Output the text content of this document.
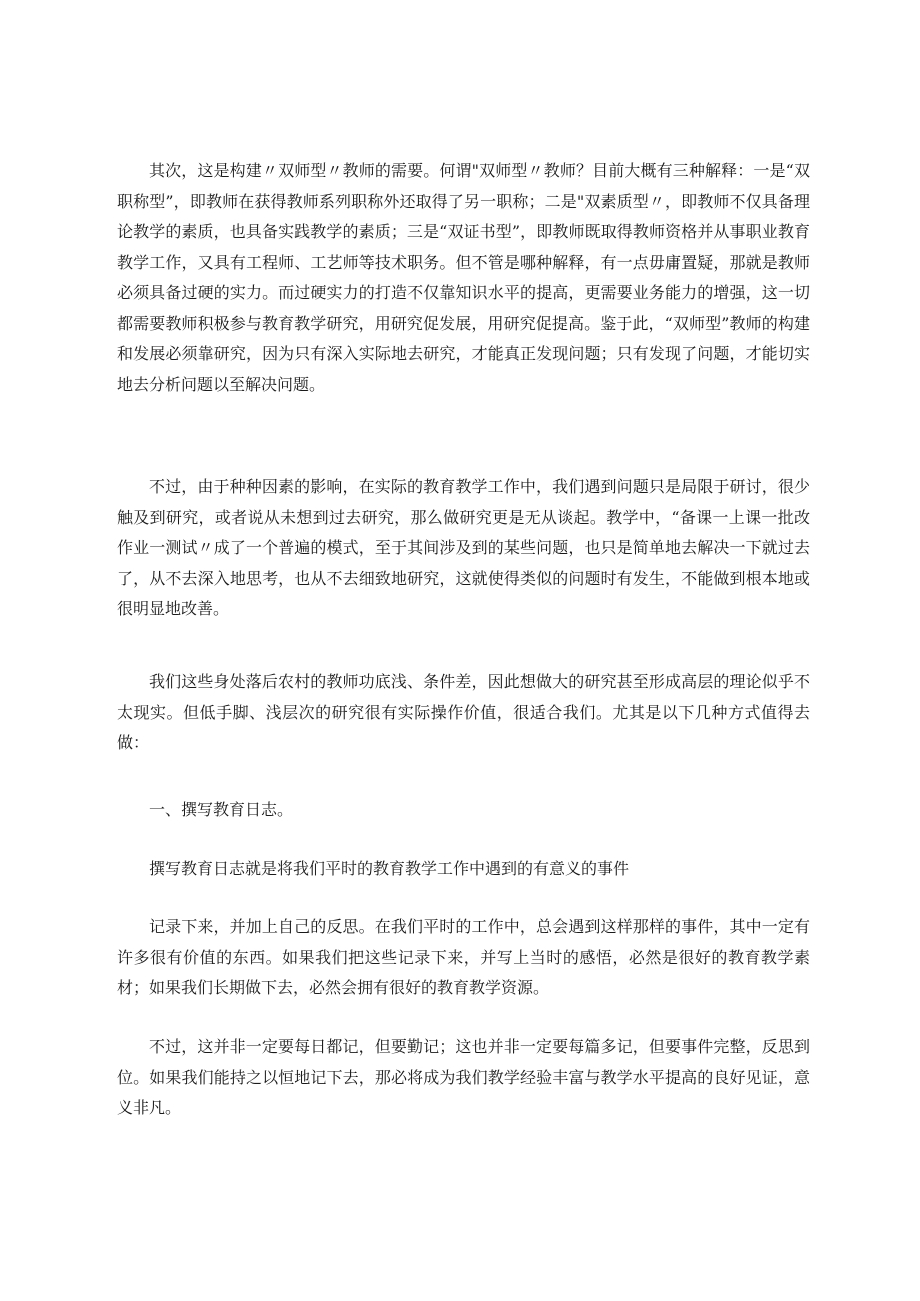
其次，这是构建〃双师型〃教师的需要。何谓"双师型〃教师？目前大概有三种解释：一是“双职称型”，即教师在获得教师系列职称外还取得了另一职称；二是"双素质型〃，即教师不仅具备理论教学的素质，也具备实践教学的素质；三是“双证书型”，即教师既取得教师资格并从事职业教育教学工作，又具有工程师、工艺师等技术职务。但不管是哪种解释，有一点毋庸置疑，那就是教师必须具备过硬的实力。而过硬实力的打造不仅靠知识水平的提高，更需要业务能力的增强，这一切都需要教师积极参与教育教学研究，用研究促发展，用研究促提高。鉴于此，“双师型”教师的构建和发展必须靠研究，因为只有深入实际地去研究，才能真正发现问题；只有发现了问题，才能切实地去分析问题以至解决问题。

不过，由于种种因素的影响，在实际的教育教学工作中，我们遇到问题只是局限于研讨，很少触及到研究，或者说从未想到过去研究，那么做研究更是无从谈起。教学中，“备课一上课一批改作业一测试〃成了一个普遍的模式，至于其间涉及到的某些问题，也只是简单地去解决一下就过去了，从不去深入地思考，也从不去细致地研究，这就使得类似的问题时有发生，不能做到根本地或很明显地改善。

我们这些身处落后农村的教师功底浅、条件差，因此想做大的研究甚至形成高层的理论似乎不太现实。但低手脚、浅层次的研究很有实际操作价值，很适合我们。尤其是以下几种方式值得去做：

一、撰写教育日志。

撰写教育日志就是将我们平时的教育教学工作中遇到的有意义的事件

记录下来，并加上自己的反思。在我们平时的工作中，总会遇到这样那样的事件，其中一定有许多很有价值的东西。如果我们把这些记录下来，并写上当时的感悟，必然是很好的教育教学素材；如果我们长期做下去，必然会拥有很好的教育教学资源。

不过，这并非一定要每日都记，但要勤记；这也并非一定要每篇多记，但要事件完整，反思到位。如果我们能持之以恒地记下去，那必将成为我们教学经验丰富与教学水平提高的良好见证，意义非凡。
